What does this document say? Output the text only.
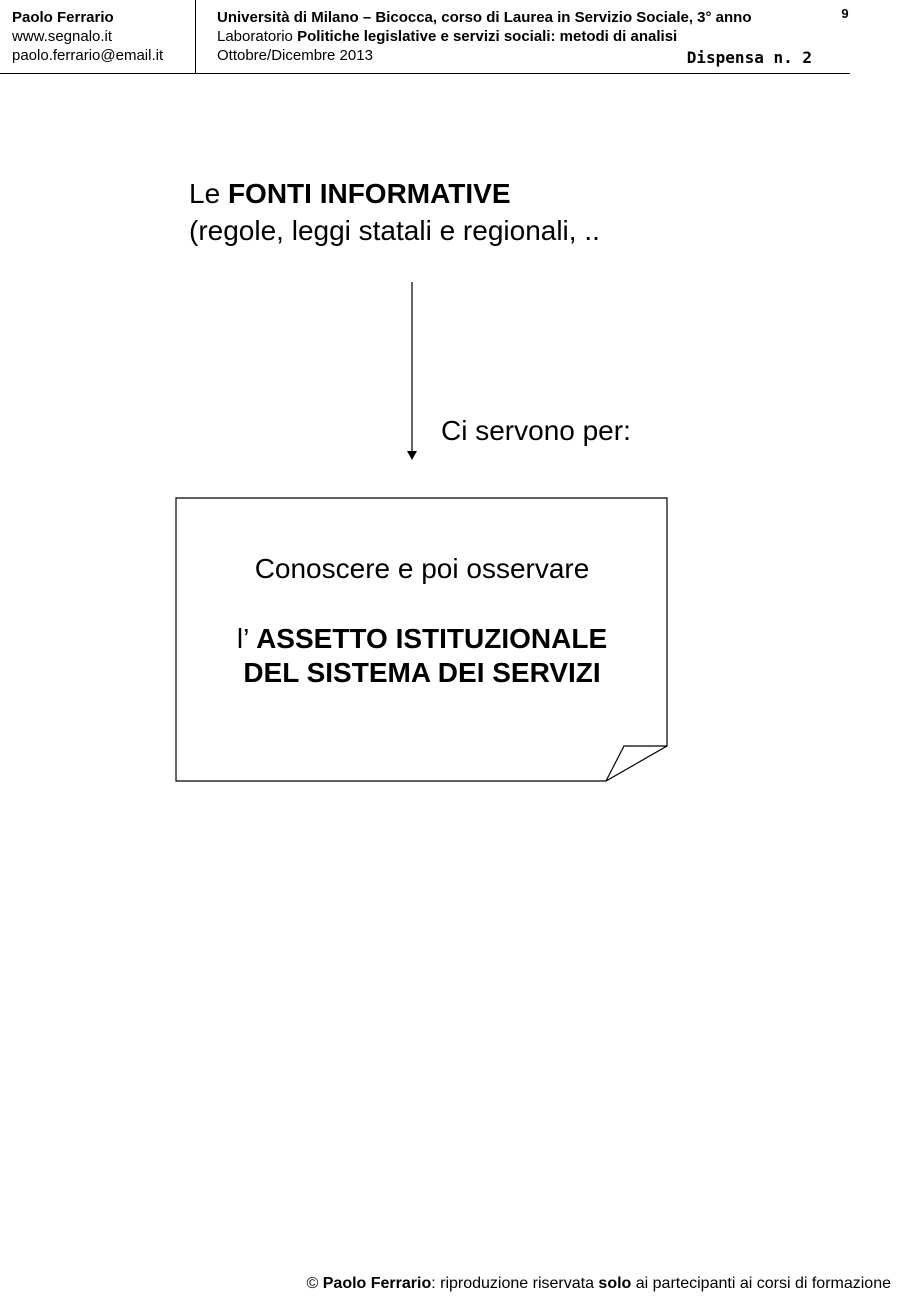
Paolo Ferrario
www.segnalo.it
paolo.ferrario@email.it
Università di Milano – Bicocca, corso di Laurea in Servizio Sociale, 3° anno
Laboratorio Politiche legislative e servizi sociali: metodi di analisi
Ottobre/Dicembre 2013
9
Dispensa n. 2
Le FONTI INFORMATIVE
(regole, leggi statali e regionali, ..
Ci servono per:
Conoscere e poi osservare
l’ ASSETTO ISTITUZIONALE
DEL SISTEMA DEI SERVIZI
© Paolo Ferrario: riproduzione riservata solo ai partecipanti ai corsi di formazione
